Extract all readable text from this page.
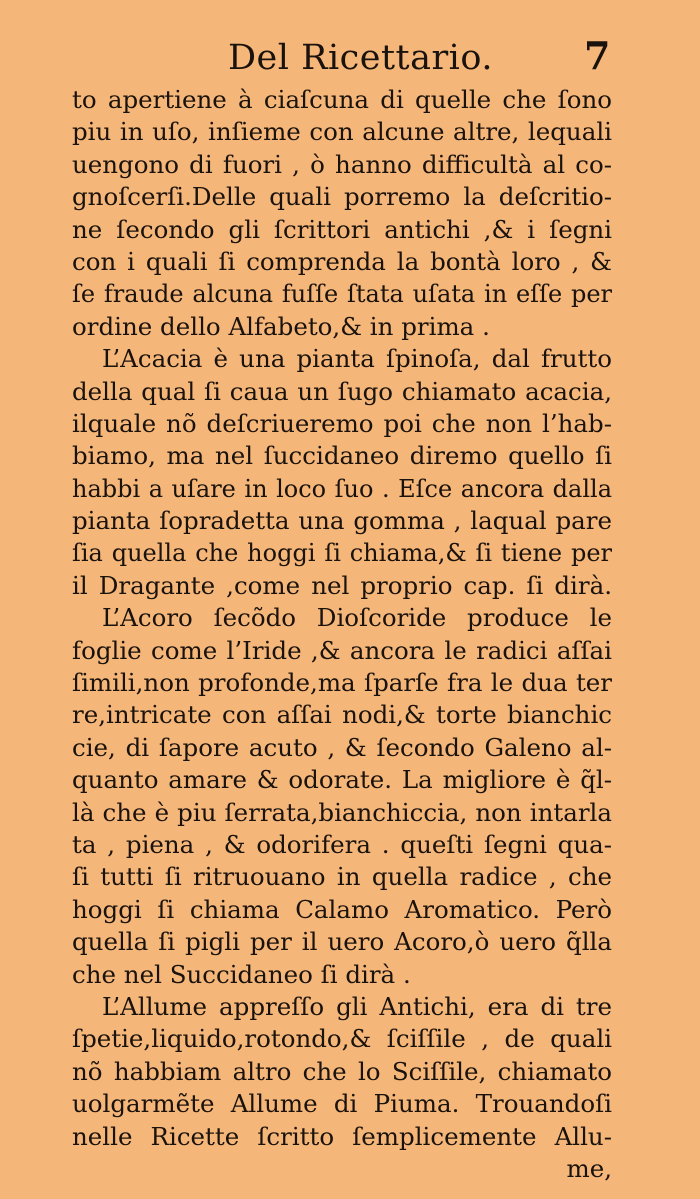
Del Ricettario. 7
to apertiene à ciaſcuna di quelle che ſono
piu in uſo, inſieme con alcune altre, lequali
uengono di fuori , ò hanno difficultà al co-
gnoſcerſi.Delle quali porremo la deſcritio-
ne ſecondo gli ſcrittori antichi ,& i ſegni
con i quali ſi comprenda la bontà loro , &
ſe fraude alcuna fuſſe ſtata uſata in eſſe per
ordine dello Alfabeto,& in prima .
L’Acacia è una pianta ſpinoſa, dal frutto
della qual ſi caua un ſugo chiamato acacia,
ilquale nõ deſcriueremo poi che non l’hab-
biamo, ma nel ſuccidaneo diremo quello ſi
habbi a uſare in loco ſuo . Eſce ancora dalla
pianta ſopradetta una gomma , laqual pare
ſia quella che hoggi ſi chiama,& ſi tiene per
il Dragante ,come nel proprio cap. ſi dirà.
L’Acoro ſecõdo Dioſcoride produce le
foglie come l’Iride ,& ancora le radici aſſai
ſimili,non profonde,ma ſparſe fra le dua ter
re,intricate con aſſai nodi,& torte bianchic
cie, di ſapore acuto , & ſecondo Galeno al-
quanto amare & odorate. La migliore è q̃l-
là che è piu ſerrata,bianchiccia, non intarla
ta , piena , & odorifera . queſti ſegni qua-
ſi tutti ſi ritruouano in quella radice , che
hoggi ſi chiama Calamo Aromatico. Però
quella ſi pigli per il uero Acoro,ò uero q̃lla
che nel Succidaneo ſi dirà .
L’Allume appreſſo gli Antichi, era di tre
ſpetie,liquido,rotondo,& ſciſſile , de quali
nõ habbiam altro che lo Sciſſile, chiamato
uolgarmẽte Allume di Piuma. Trouandoſi
nelle Ricette ſcritto ſemplicemente Allu-
me,
